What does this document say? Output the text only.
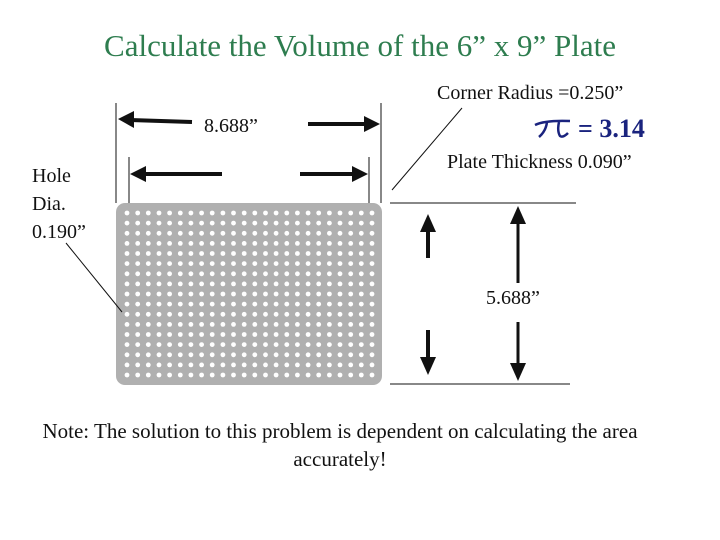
Calculate the Volume of the 6” x 9” Plate
Corner Radius =0.250”
8.688”	= 3.14
Plate Thickness 0.090”
Hole
Dia.
0.190”
5.688”
Note: The solution to this problem is dependent on calculating the area accurately!
